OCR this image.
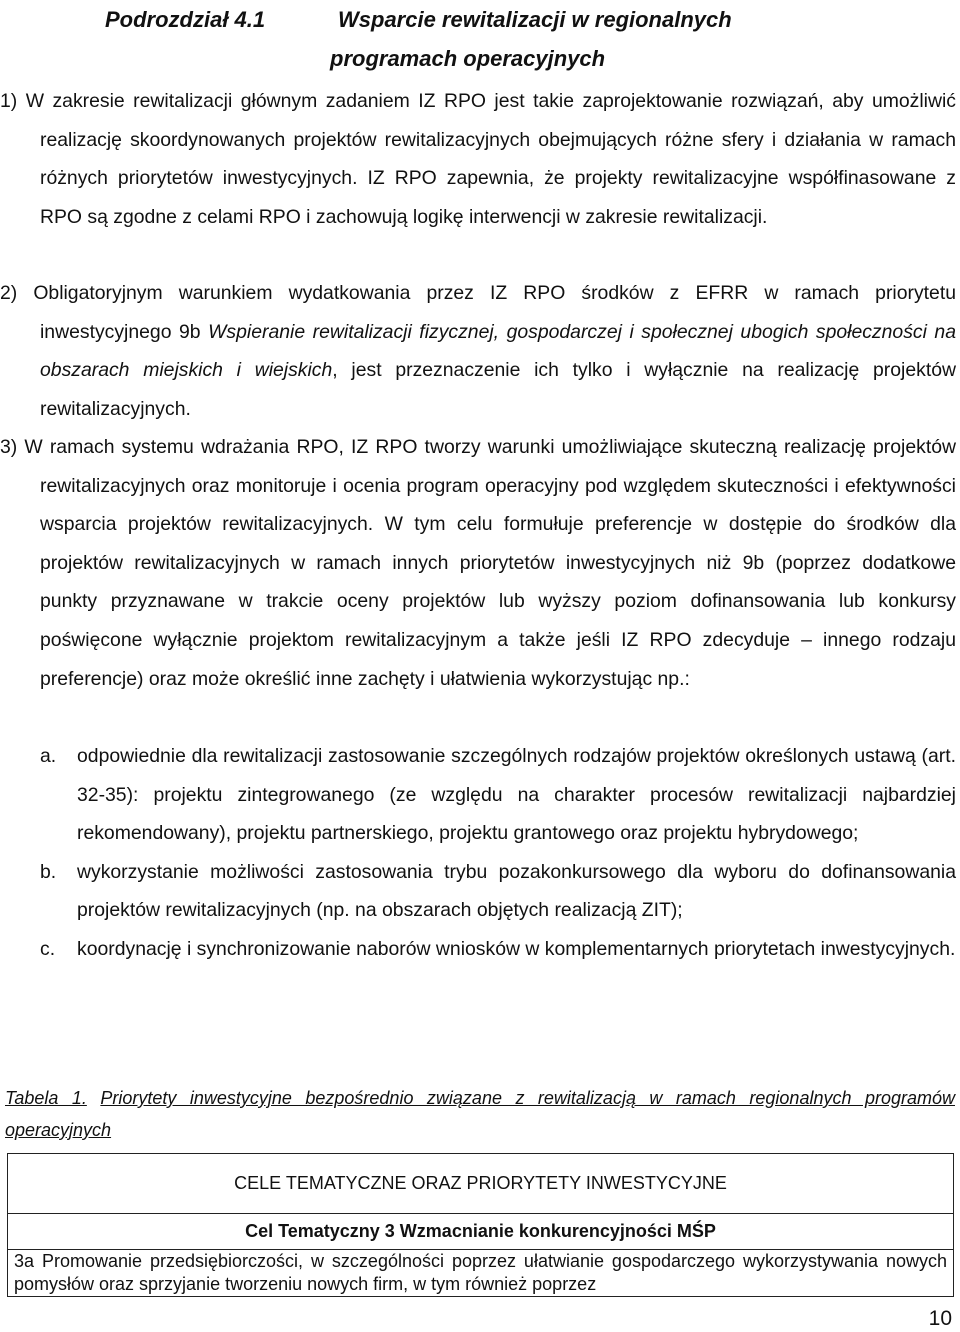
Podrozdział 4.1	Wsparcie rewitalizacji w regionalnych
programach operacyjnych
1) W zakresie rewitalizacji głównym zadaniem IZ RPO jest takie zaprojektowanie rozwiązań, aby umożliwić realizację skoordynowanych projektów rewitalizacyjnych obejmujących różne sfery i działania w ramach różnych priorytetów inwestycyjnych. IZ RPO zapewnia, że projekty rewitalizacyjne współfinasowane z RPO są zgodne z celami RPO i zachowują logikę interwencji w zakresie rewitalizacji.
2) Obligatoryjnym warunkiem wydatkowania przez IZ RPO środków z EFRR w ramach priorytetu inwestycyjnego 9b Wspieranie rewitalizacji fizycznej, gospodarczej i społecznej ubogich społeczności na obszarach miejskich i wiejskich, jest przeznaczenie ich tylko i wyłącznie na realizację projektów rewitalizacyjnych.
3) W ramach systemu wdrażania RPO, IZ RPO tworzy warunki umożliwiające skuteczną realizację projektów rewitalizacyjnych oraz monitoruje i ocenia program operacyjny pod względem skuteczności i efektywności wsparcia projektów rewitalizacyjnych. W tym celu formułuje preferencje w dostępie do środków dla projektów rewitalizacyjnych w ramach innych priorytetów inwestycyjnych niż 9b (poprzez dodatkowe punkty przyznawane w trakcie oceny projektów lub wyższy poziom dofinansowania lub konkursy poświęcone wyłącznie projektom rewitalizacyjnym a także jeśli IZ RPO zdecyduje – innego rodzaju preferencje) oraz może określić inne zachęty i ułatwienia wykorzystując np.:
a. odpowiednie dla rewitalizacji zastosowanie szczególnych rodzajów projektów określonych ustawą (art. 32-35): projektu zintegrowanego (ze względu na charakter procesów rewitalizacji najbardziej rekomendowany), projektu partnerskiego, projektu grantowego oraz projektu hybrydowego;
b. wykorzystanie możliwości zastosowania trybu pozakonkursowego dla wyboru do dofinansowania projektów rewitalizacyjnych (np. na obszarach objętych realizacją ZIT);
c. koordynację i synchronizowanie naborów wniosków w komplementarnych priorytetach inwestycyjnych.
Tabela 1. Priorytety inwestycyjne bezpośrednio związane z rewitalizacją w ramach regionalnych programów operacyjnych
CELE TEMATYCZNE ORAZ PRIORYTETY INWESTYCYJNE
Cel Tematyczny 3 Wzmacnianie konkurencyjności MŚP
3a Promowanie przedsiębiorczości, w szczególności poprzez ułatwianie gospodarczego wykorzystywania nowych pomysłów oraz sprzyjanie tworzeniu nowych firm, w tym również poprzez
10
